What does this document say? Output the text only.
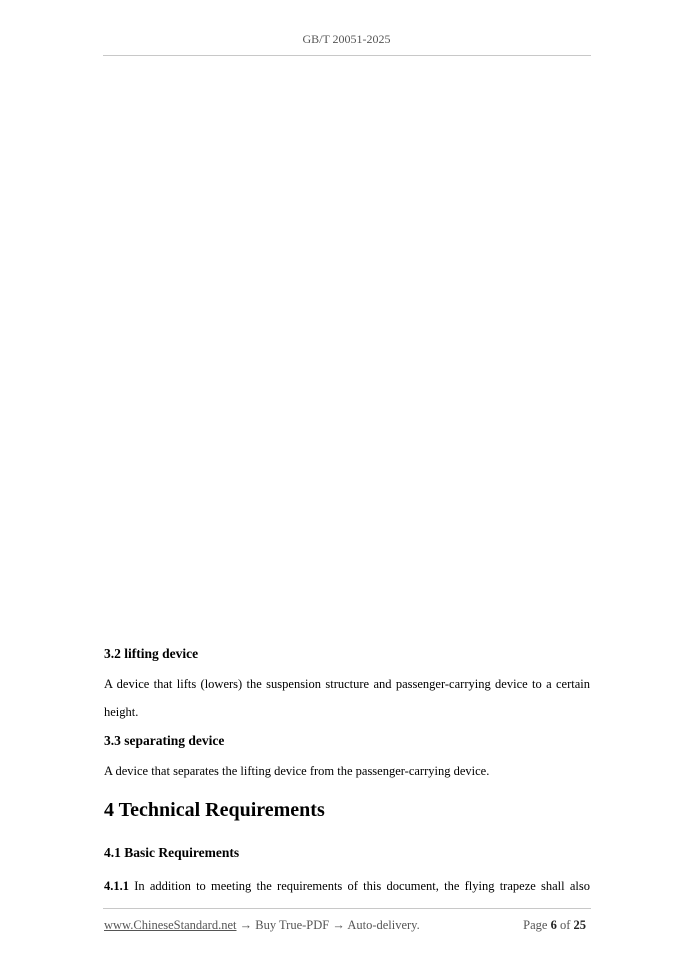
GB/T 20051-2025
3.2 lifting device
A device that lifts (lowers) the suspension structure and passenger-carrying device to a certain height.
3.3 separating device
A device that separates the lifting device from the passenger-carrying device.
4 Technical Requirements
4.1 Basic Requirements
4.1.1 In addition to meeting the requirements of this document, the flying trapeze shall also
www.ChineseStandard.net → Buy True-PDF → Auto-delivery.	Page 6 of 25
